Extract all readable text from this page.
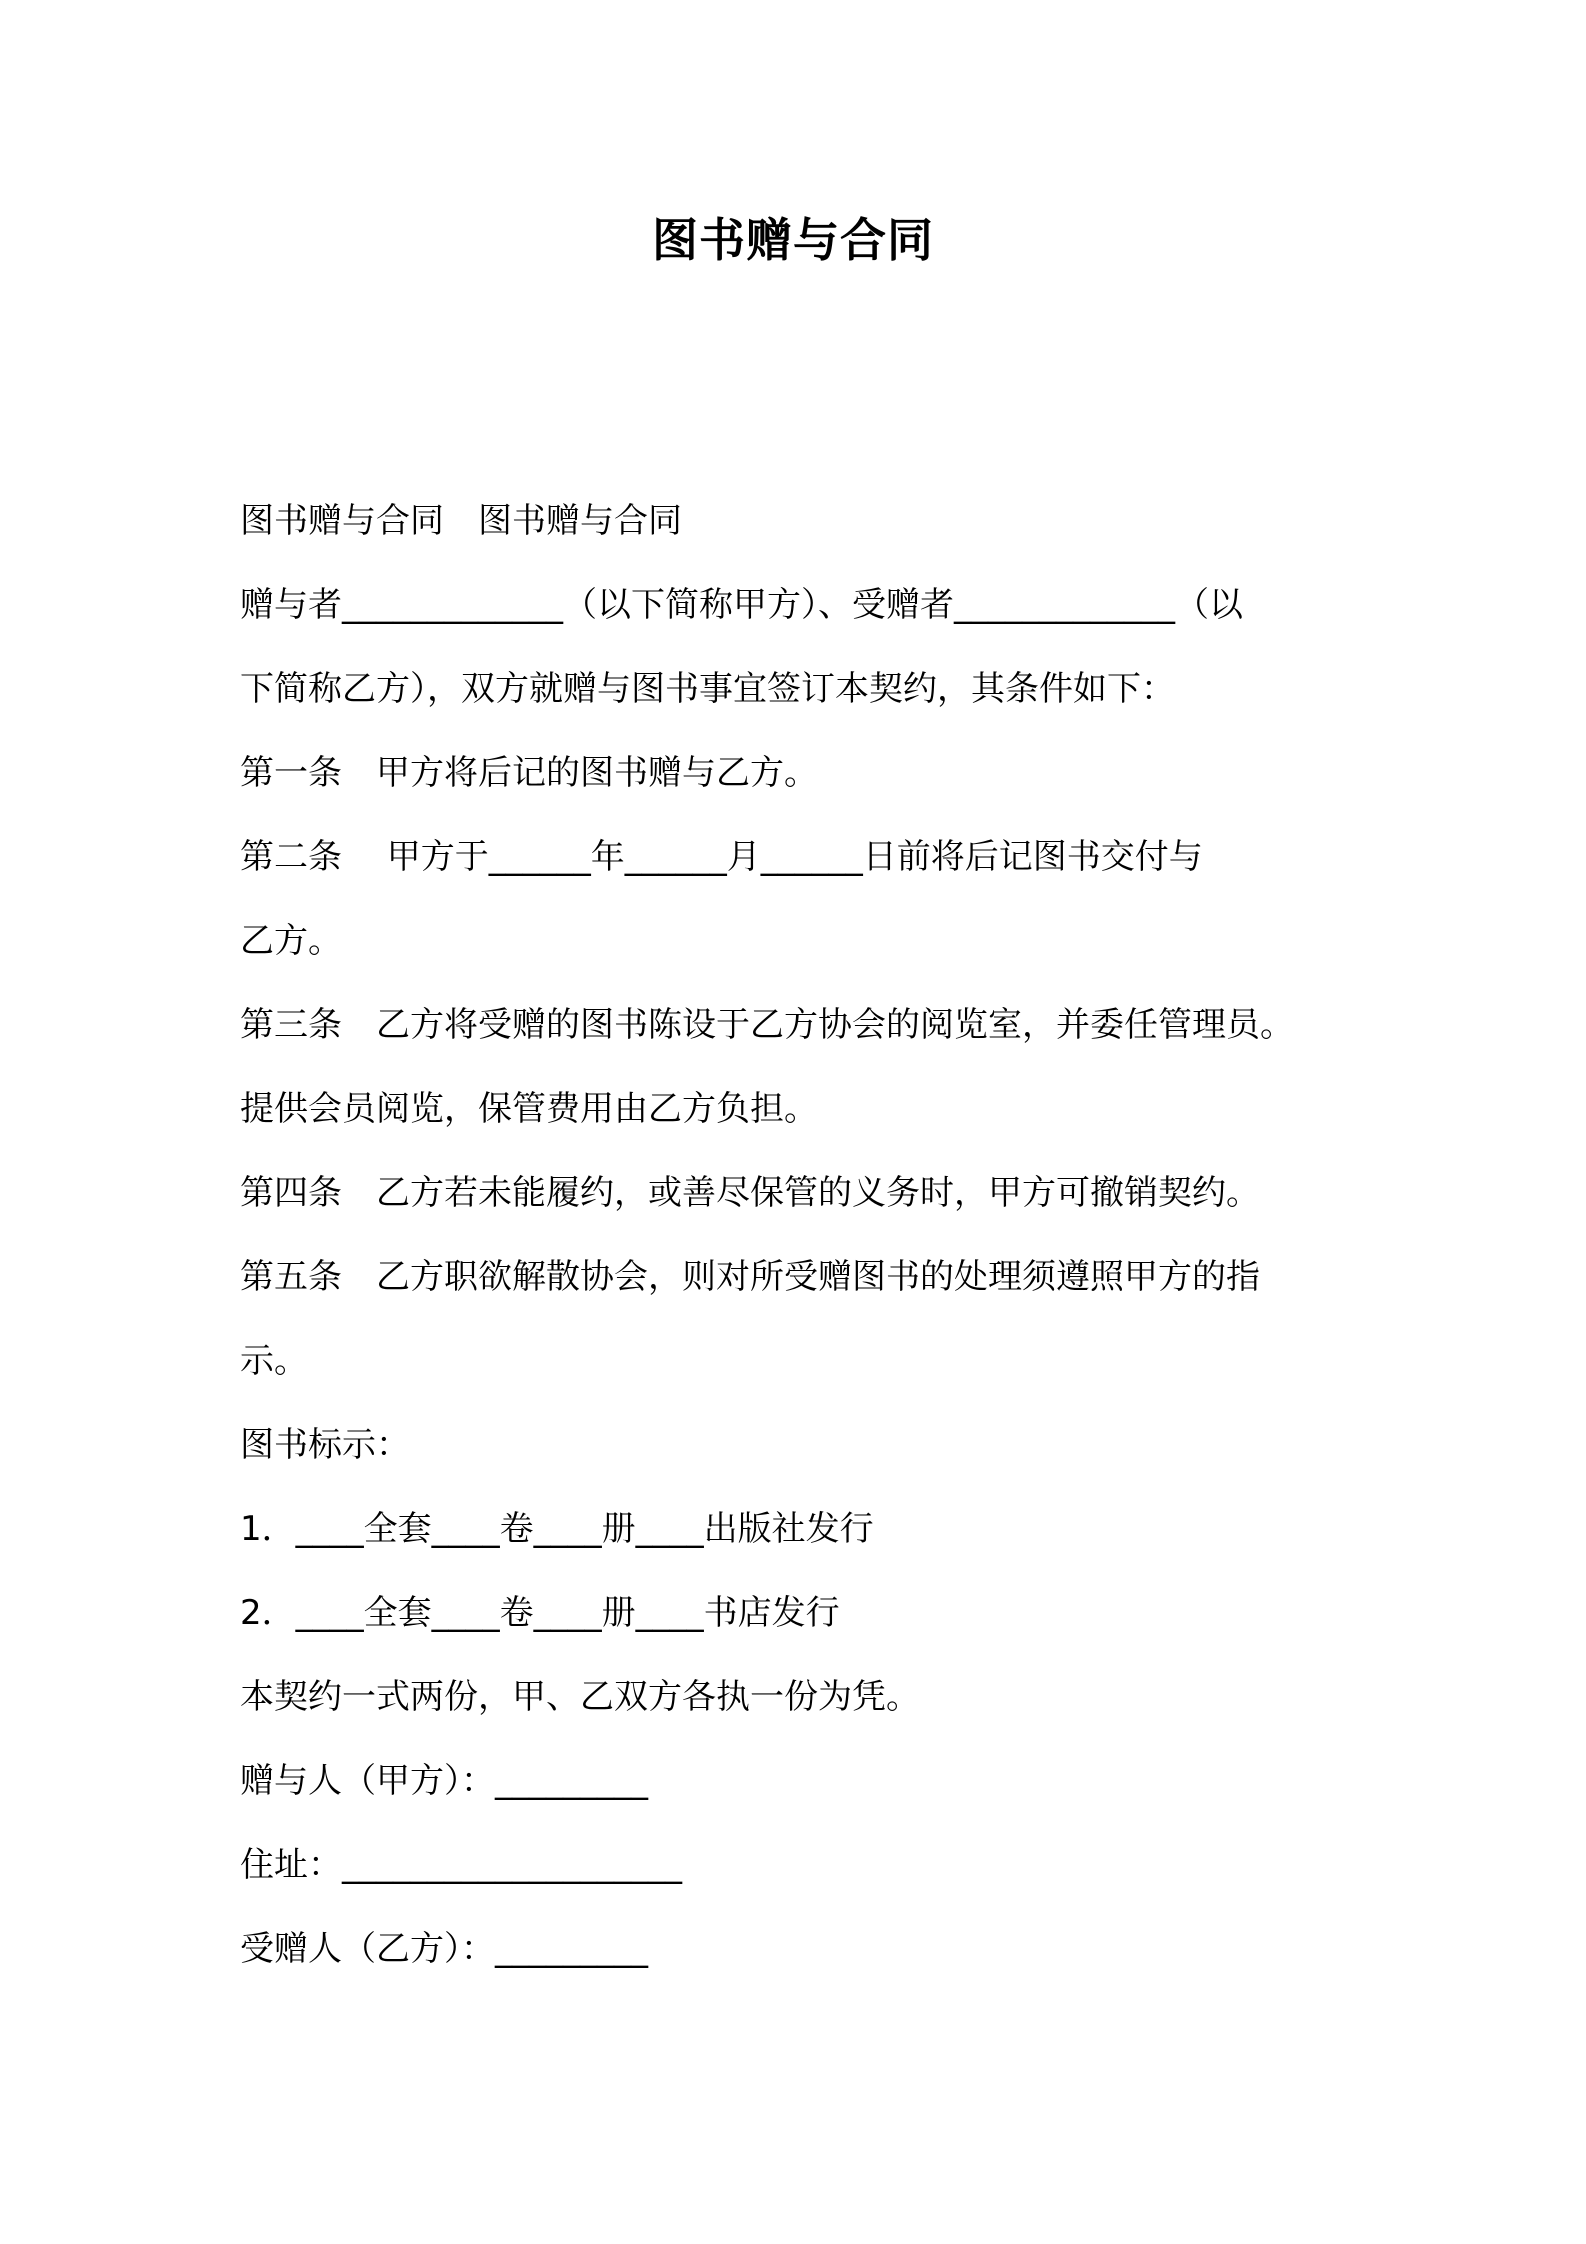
图书赠与合同
图书赠与合同　图书赠与合同
赠与者_____________（以下简称甲方）、受赠者_____________（以
下简称乙方），双方就赠与图书事宜签订本契约，其条件如下：
第一条　甲方将后记的图书赠与乙方。
第二条　 甲方于______年______月______日前将后记图书交付与
乙方。
第三条　乙方将受赠的图书陈设于乙方协会的阅览室，并委任管理员。
提供会员阅览，保管费用由乙方负担。
第四条　乙方若未能履约，或善尽保管的义务时，甲方可撤销契约。
第五条　乙方职欲解散协会，则对所受赠图书的处理须遵照甲方的指
示。
图书标示：
1．____全套____卷____册____出版社发行
2．____全套____卷____册____书店发行
本契约一式两份，甲、乙双方各执一份为凭。
赠与人（甲方）：_________
住址：____________________
受赠人（乙方）：_________
